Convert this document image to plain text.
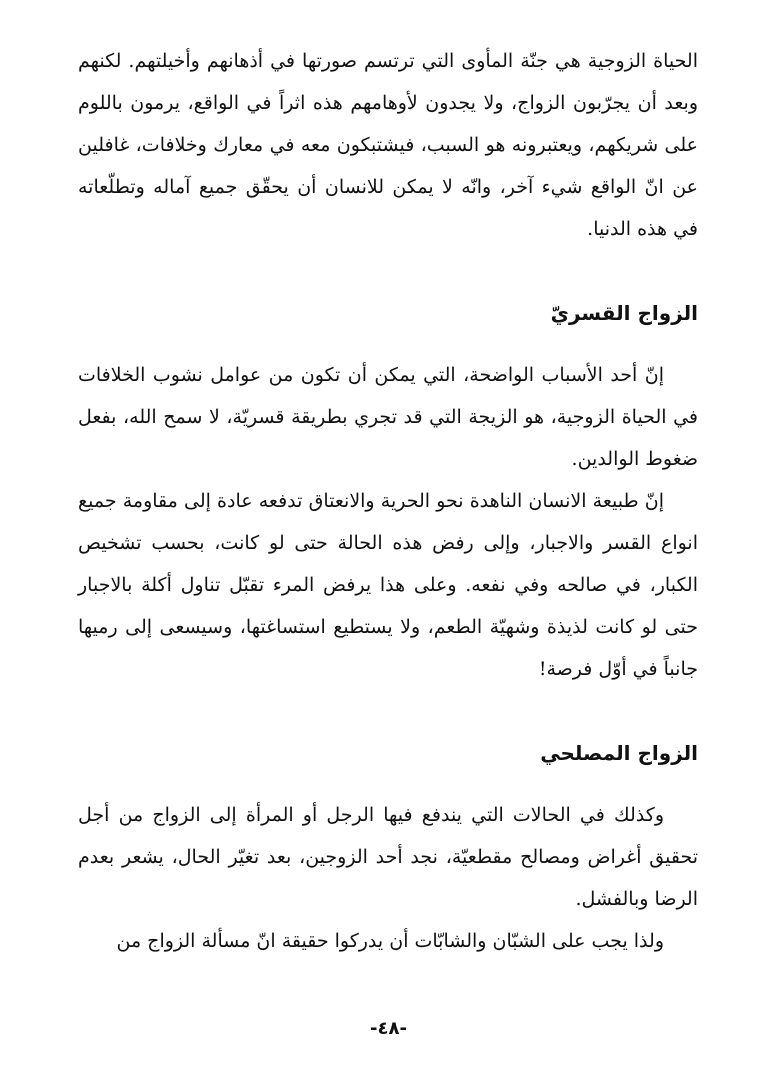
الحياة الزوجية هي جنّة المأوى التي ترتسم صورتها في أذهانهم وأخيلتهم. لكنهم وبعد أن يجرّبون الزواج، ولا يجدون لأوهامهم هذه اثراً في الواقع، يرمون باللوم على شريكهم، ويعتبرونه هو السبب، فيشتبكون معه في معارك وخلافات، غافلين عن انّ الواقع شيء آخر، وانّه لا يمكن للانسان أن يحقّق جميع آماله وتطلّعاته في هذه الدنيا.

الزواج القسريّ

إنّ أحد الأسباب الواضحة، التي يمكن أن تكون من عوامل نشوب الخلافات في الحياة الزوجية، هو الزيجة التي قد تجري بطريقة قسريّة، لا سمح الله، بفعل ضغوط الوالدين.

إنّ طبيعة الانسان الناهدة نحو الحرية والانعتاق تدفعه عادة إلى مقاومة جميع انواع القسر والاجبار، وإلى رفض هذه الحالة حتى لو كانت، بحسب تشخيص الكبار، في صالحه وفي نفعه. وعلى هذا يرفض المرء تقبّل تناول أكلة بالاجبار حتى لو كانت لذيذة وشهيّة الطعم، ولا يستطيع استساغتها، وسيسعى إلى رميها جانباً في أوّل فرصة!

الزواج المصلحي

وكذلك في الحالات التي يندفع فيها الرجل أو المرأة إلى الزواج من أجل تحقيق أغراض ومصالح مقطعيّة، نجد أحد الزوجين، بعد تغيّر الحال، يشعر بعدم الرضا وبالفشل.

ولذا يجب على الشبّان والشابّات أن يدركوا حقيقة انّ مسألة الزواج من

-٤٨-
